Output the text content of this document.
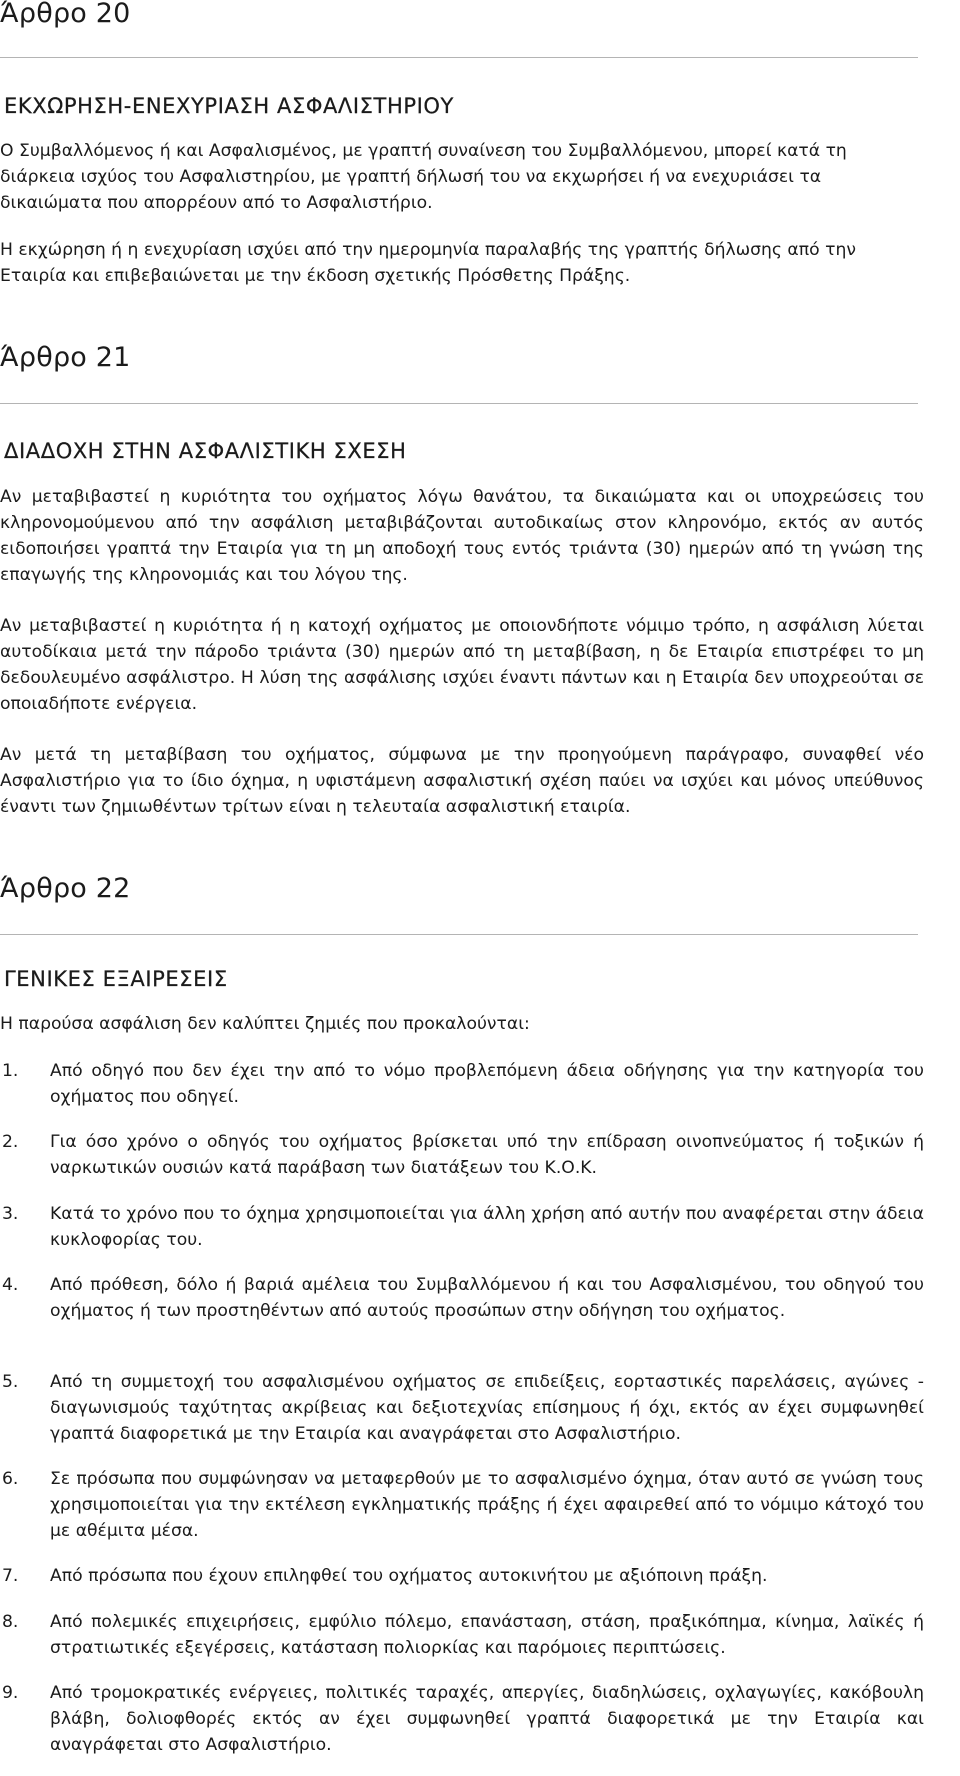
Άρθρο 20
ΕΚΧΩΡΗΣΗ-ΕΝΕΧΥΡΙΑΣΗ ΑΣΦΑΛΙΣΤΗΡΙΟΥ

Ο Συμβαλλόμενος ή και Ασφαλισμένος, με γραπτή συναίνεση του Συμβαλλόμενου, μπορεί κατά τη διάρκεια ισχύος του Ασφαλιστηρίου, με γραπτή δήλωσή του να εκχωρήσει ή να ενεχυριάσει τα δικαιώματα που απορρέουν από το Ασφαλιστήριο.

Η εκχώρηση ή η ενεχυρίαση ισχύει από την ημερομηνία παραλαβής της γραπτής δήλωσης από την Εταιρία και επιβεβαιώνεται με την έκδοση σχετικής Πρόσθετης Πράξης.

Άρθρο 21
ΔΙΑΔΟΧΗ ΣΤΗΝ ΑΣΦΑΛΙΣΤΙΚΗ ΣΧΕΣΗ

Αν μεταβιβαστεί η κυριότητα του οχήματος λόγω θανάτου, τα δικαιώματα και οι υποχρεώσεις του κληρονομούμενου από την ασφάλιση μεταβιβάζονται αυτοδικαίως στον κληρονόμο, εκτός αν αυτός ειδοποιήσει γραπτά την Εταιρία για τη μη αποδοχή τους εντός τριάντα (30) ημερών από τη γνώση της επαγωγής της κληρονομιάς και του λόγου της.

Αν μεταβιβαστεί η κυριότητα ή η κατοχή οχήματος με οποιονδήποτε νόμιμο τρόπο, η ασφάλιση λύεται αυτοδίκαια μετά την πάροδο τριάντα (30) ημερών από τη μεταβίβαση, η δε Εταιρία επιστρέφει το μη δεδουλευμένο ασφάλιστρο. Η λύση της ασφάλισης ισχύει έναντι πάντων και η Εταιρία δεν υποχρεούται σε οποιαδήποτε ενέργεια.

Αν μετά τη μεταβίβαση του οχήματος, σύμφωνα με την προηγούμενη παράγραφο, συναφθεί νέο Ασφαλιστήριο για το ίδιο όχημα, η υφιστάμενη ασφαλιστική σχέση παύει να ισχύει και μόνος υπεύθυνος έναντι των ζημιωθέντων τρίτων είναι η τελευταία ασφαλιστική εταιρία.

Άρθρο 22
ΓΕΝΙΚΕΣ ΕΞΑΙΡΕΣΕΙΣ

Η παρούσα ασφάλιση δεν καλύπτει ζημιές που προκαλούνται:

1.	Από οδηγό που δεν έχει την από το νόμο προβλεπόμενη άδεια οδήγησης για την κατηγορία του οχήματος που οδηγεί.
2.	Για όσο χρόνο ο οδηγός του οχήματος βρίσκεται υπό την επίδραση οινοπνεύματος ή τοξικών ή ναρκωτικών ουσιών κατά παράβαση των διατάξεων του Κ.Ο.Κ.
3.	Κατά το χρόνο που το όχημα χρησιμοποιείται για άλλη χρήση από αυτήν που αναφέρεται στην άδεια κυκλοφορίας του.
4.	Από πρόθεση, δόλο ή βαριά αμέλεια του Συμβαλλόμενου ή και του Ασφαλισμένου, του οδηγού του οχήματος ή των προστηθέντων από αυτούς προσώπων στην οδήγηση του οχήματος.
5.	Από τη συμμετοχή του ασφαλισμένου οχήματος σε επιδείξεις, εορταστικές παρελάσεις, αγώνες - διαγωνισμούς ταχύτητας ακρίβειας και δεξιοτεχνίας επίσημους ή όχι, εκτός αν έχει συμφωνηθεί γραπτά διαφορετικά με την Εταιρία και αναγράφεται στο Ασφαλιστήριο.
6.	Σε πρόσωπα που συμφώνησαν να μεταφερθούν με το ασφαλισμένο όχημα, όταν αυτό σε γνώση τους χρησιμοποιείται για την εκτέλεση εγκληματικής πράξης ή έχει αφαιρεθεί από το νόμιμο κάτοχό του με αθέμιτα μέσα.
7.	Από πρόσωπα που έχουν επιληφθεί του οχήματος αυτοκινήτου με αξιόποινη πράξη.
8.	Από πολεμικές επιχειρήσεις, εμφύλιο πόλεμο, επανάσταση, στάση, πραξικόπημα, κίνημα, λαϊκές ή στρατιωτικές εξεγέρσεις, κατάσταση πολιορκίας και παρόμοιες περιπτώσεις.
9.	Από τρομοκρατικές ενέργειες, πολιτικές ταραχές, απεργίες, διαδηλώσεις, οχλαγωγίες, κακόβουλη βλάβη, δολιοφθορές εκτός αν έχει συμφωνηθεί γραπτά διαφορετικά με την Εταιρία και αναγράφεται στο Ασφαλιστήριο.
